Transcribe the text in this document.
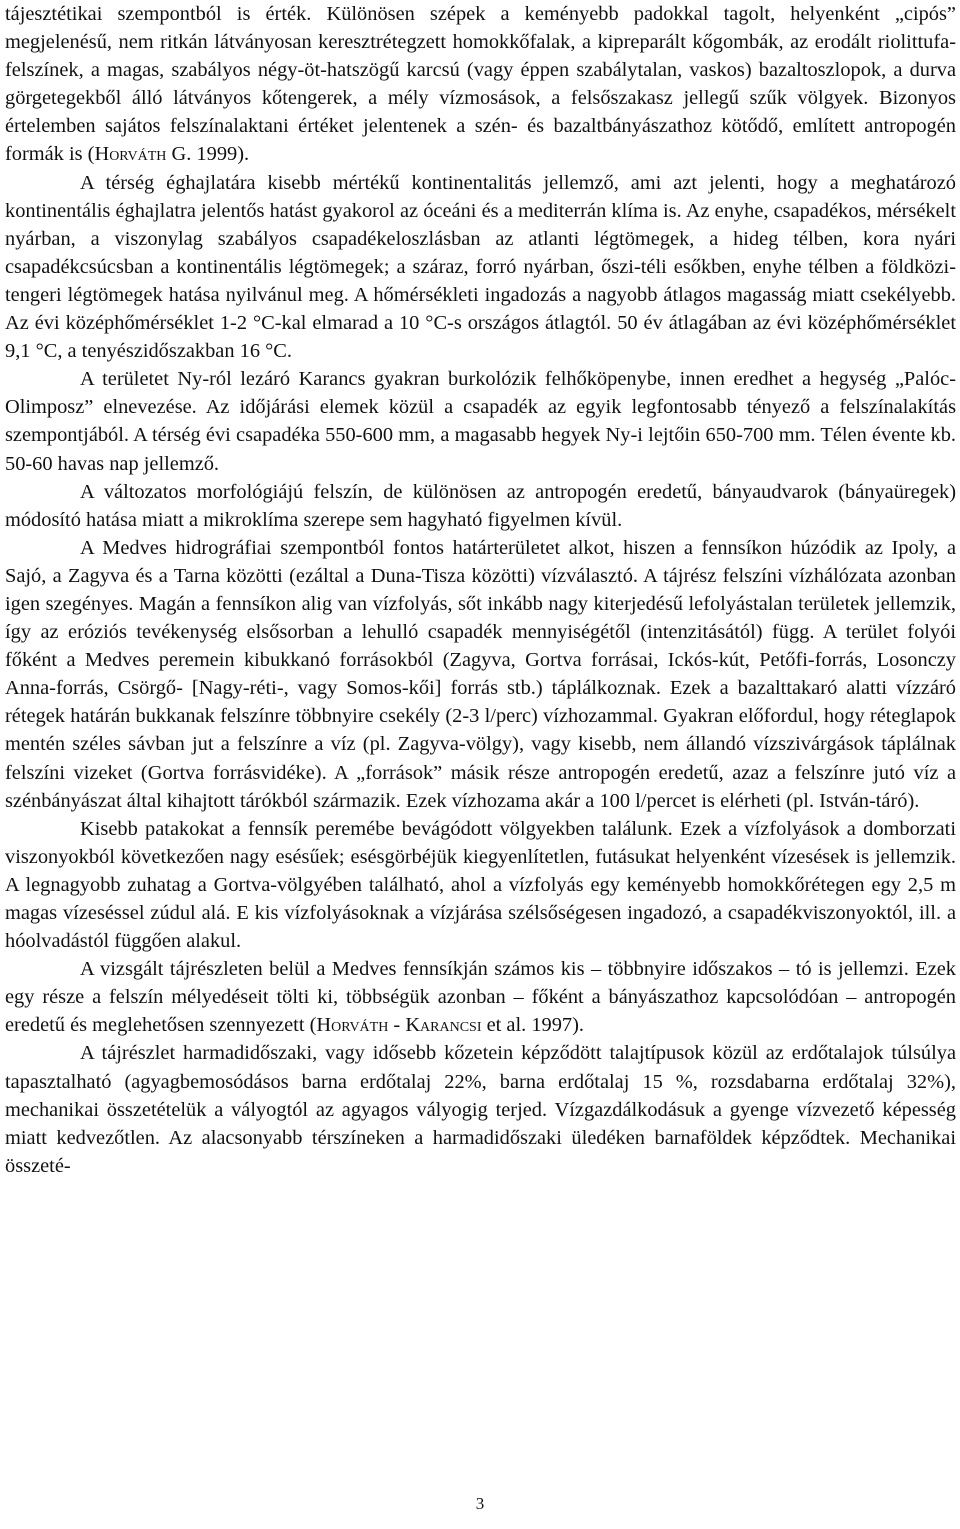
tájesztétikai szempontból is érték. Különösen szépek a keményebb padokkal tagolt, helyenként „cipós” megjelenésű, nem ritkán látványosan keresztrétegzett homokkőfalak, a kipreparált kőgombák, az erodált riolittufa-felszínek, a magas, szabályos négy-öt-hatszögű karcsú (vagy éppen szabálytalan, vaskos) bazaltoszlopok, a durva görgetegekből álló látványos kőtengerek, a mély vízmosások, a felsőszakasz jellegű szűk völgyek. Bizonyos értelemben sajátos felszínalaktani értéket jelentenek a szén- és bazaltbányászathoz kötődő, említett antropogén formák is (Horváth G. 1999).

A térség éghajlatára kisebb mértékű kontinentalitás jellemző, ami azt jelenti, hogy a meghatározó kontinentális éghajlatra jelentős hatást gyakorol az óceáni és a mediterrán klíma is. Az enyhe, csapadékos, mérsékelt nyárban, a viszonylag szabályos csapadékeloszlásban az atlanti légtömegek, a hideg télben, kora nyári csapadékcsúcsban a kontinentális légtömegek; a száraz, forró nyárban, őszi-téli esőkben, enyhe télben a földközi-tengeri légtömegek hatása nyilvánul meg. A hőmérsékleti ingadozás a nagyobb átlagos magasság miatt csekélyebb. Az évi középhőmérséklet 1-2 °C-kal elmarad a 10 °C-s országos átlagtól. 50 év átlagában az évi középhőmérséklet 9,1 °C, a tenyészidőszakban 16 °C.

A területet Ny-ról lezáró Karancs gyakran burkolózik felhőköpenybe, innen eredhet a hegység „Palóc-Olimposz” elnevezése. Az időjárási elemek közül a csapadék az egyik legfontosabb tényező a felszínalakítás szempontjából. A térség évi csapadéka 550-600 mm, a magasabb hegyek Ny-i lejtőin 650-700 mm. Télen évente kb. 50-60 havas nap jellemző.

A változatos morfológiájú felszín, de különösen az antropogén eredetű, bányaudvarok (bányaüregek) módosító hatása miatt a mikroklíma szerepe sem hagyható figyelmen kívül.

A Medves hidrográfiai szempontból fontos határterületet alkot, hiszen a fennsíkon húzódik az Ipoly, a Sajó, a Zagyva és a Tarna közötti (ezáltal a Duna-Tisza közötti) vízválasztó. A tájrész felszíni vízhálózata azonban igen szegényes. Magán a fennsíkon alig van vízfolyás, sőt inkább nagy kiterjedésű lefolyástalan területek jellemzik, így az eróziós tevékenység elsősorban a lehulló csapadék mennyiségétől (intenzitásától) függ. A terület folyói főként a Medves peremein kibukkanó forrásokból (Zagyva, Gortva forrásai, Ickós-kút, Petőfi-forrás, Losonczy Anna-forrás, Csörgő- [Nagy-réti-, vagy Somos-kői] forrás stb.) táplálkoznak. Ezek a bazalttakaró alatti vízzáró rétegek határán bukkanak felszínre többnyire csekély (2-3 l/perc) vízhozammal. Gyakran előfordul, hogy réteglapok mentén széles sávban jut a felszínre a víz (pl. Zagyva-völgy), vagy kisebb, nem állandó vízszivárgások táplálnak felszíni vizeket (Gortva forrásvidéke). A „források” másik része antropogén eredetű, azaz a felszínre jutó víz a szénbányászat által kihajtott tárókból származik. Ezek vízhozama akár a 100 l/percet is elérheti (pl. István-táró).

Kisebb patakokat a fennsík peremébe bevágódott völgyekben találunk. Ezek a vízfolyások a domborzati viszonyokból következően nagy esésűek; esésgörbéjük kiegyenlítetlen, futásukat helyenként vízesések is jellemzik. A legnagyobb zuhatag a Gortva-völgyében található, ahol a vízfolyás egy keményebb homokkőrétegen egy 2,5 m magas vízeséssel zúdul alá. E kis vízfolyásoknak a vízjárása szélsőségesen ingadozó, a csapadékviszonyoktól, ill. a hóolvadástól függően alakul.

A vizsgált tájrészleten belül a Medves fennsíkján számos kis – többnyire időszakos – tó is jellemzi. Ezek egy része a felszín mélyedéseit tölti ki, többségük azonban – főként a bányászathoz kapcsolódóan – antropogén eredetű és meglehetősen szennyezett (Horváth - Karancsi et al. 1997).

A tájrészlet harmadidőszaki, vagy idősebb kőzetein képződött talajtípusok közül az erdőtalajok túlsúlya tapasztalható (agyagbemosódásos barna erdőtalaj 22%, barna erdőtalaj 15 %, rozsdabarna erdőtalaj 32%), mechanikai összetételük a vályogtól az agyagos vályogig terjed. Vízgazdálkodásuk a gyenge vízvezető képesség miatt kedvezőtlen. Az alacsonyabb térszíneken a harmadidőszaki üledéken barnaföldek képződtek. Mechanikai összeté-

3
